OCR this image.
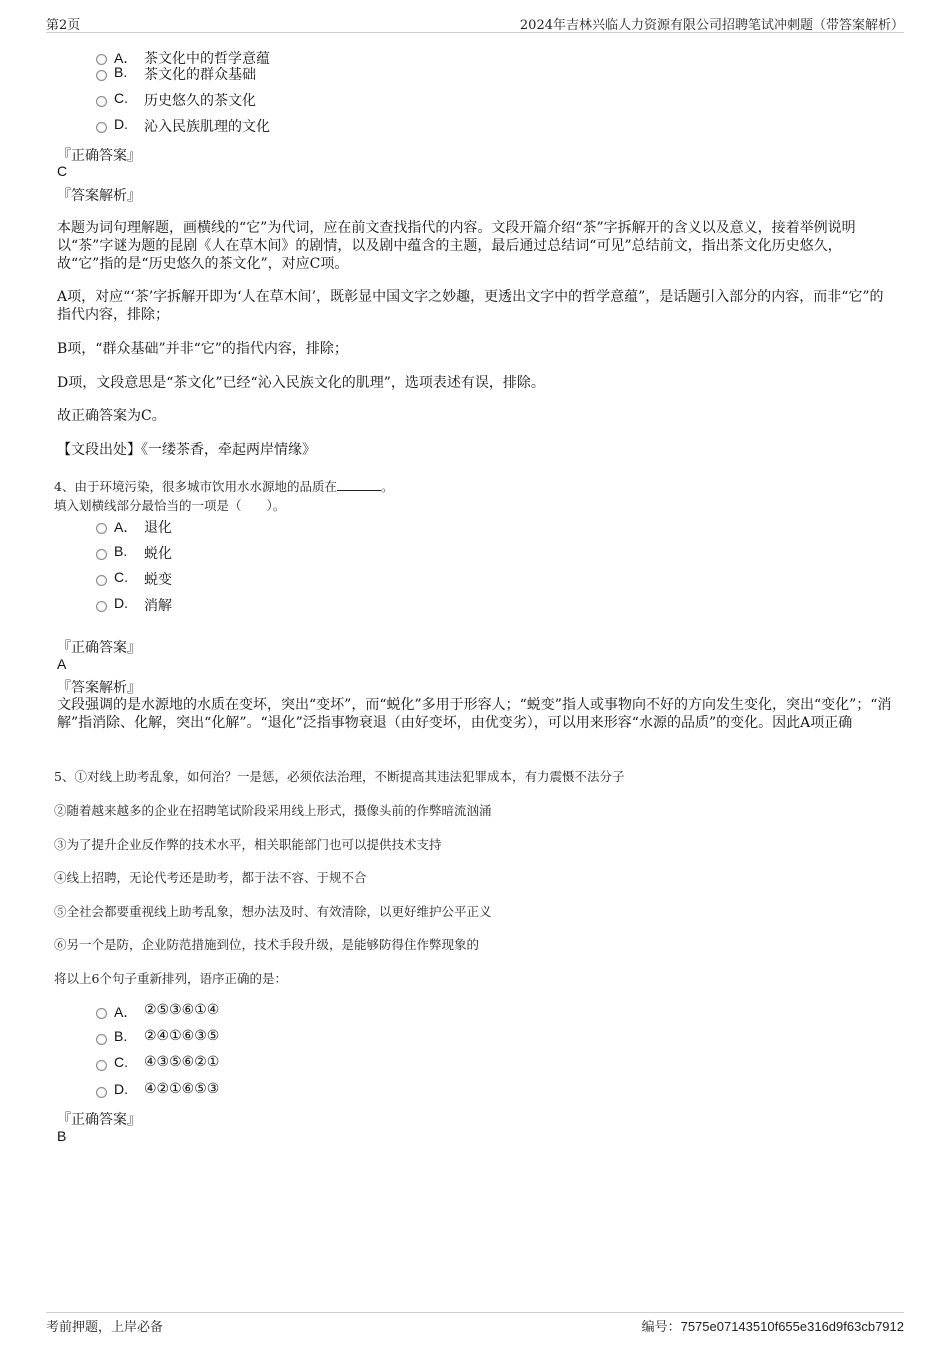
第2页	2024年吉林兴临人力资源有限公司招聘笔试冲刺题（带答案解析）
A． 茶文化中的哲学意蕴
B. 茶文化的群众基础
C. 历史悠久的茶文化
D. 沁入民族肌理的文化
『正确答案』
C
『答案解析』
本题为词句理解题，画横线的“它”为代词，应在前文查找指代的内容。文段开篇介绍“茶”字拆解开的含义以及意义，接着举例说明以“茶”字谜为题的昆剧《人在草木间》的剧情，以及剧中蕴含的主题，最后通过总结词“可见”总结前文，指出茶文化历史悠久，故“它”指的是“历史悠久的茶文化”，对应C项。
A项，对应“‘茶’字拆解开即为‘人在草木间’，既彰显中国文字之妙趣，更透出文字中的哲学意蕴”，是话题引入部分的内容，而非“它”的指代内容，排除；
B项，“群众基础”并非“它”的指代内容，排除；
D项，文段意思是“茶文化”已经“沁入民族文化的肌理”，选项表述有误，排除。
故正确答案为C。
【文段出处】《一缕茶香，牵起两岸情缘》
4、由于环境污染，很多城市饮用水水源地的品质在	。
填入划横线部分最恰当的一项是（　　）。
A． 退化
B. 蜕化
C. 蜕变
D. 消解
『正确答案』
A
『答案解析』
文段强调的是水源地的水质在变坏，突出“变坏”，而“蜕化”多用于形容人；“蜕变”指人或事物向不好的方向发生变化，突出“变化”；“消解”指消除、化解，突出“化解”。“退化”泛指事物衰退（由好变坏，由优变劣），可以用来形容“水源的品质”的变化。因此A项正确
5、①对线上助考乱象，如何治？一是惩，必须依法治理，不断提高其违法犯罪成本，有力震慑不法分子
②随着越来越多的企业在招聘笔试阶段采用线上形式，摄像头前的作弊暗流汹涌
③为了提升企业反作弊的技术水平，相关职能部门也可以提供技术支持
④线上招聘，无论代考还是助考，都于法不容、于规不合
⑤全社会都要重视线上助考乱象，想办法及时、有效清除，以更好维护公平正义
⑥另一个是防，企业防范措施到位，技术手段升级，是能够防得住作弊现象的
将以上6个句子重新排列，语序正确的是：
A． ②⑤③⑥①④
B. ②④①⑥③⑤
C. ④③⑤⑥②①
D. ④②①⑥⑤③
『正确答案』
B
考前押题，上岸必备	编号：7575e07143510f655e316d9f63cb7912
